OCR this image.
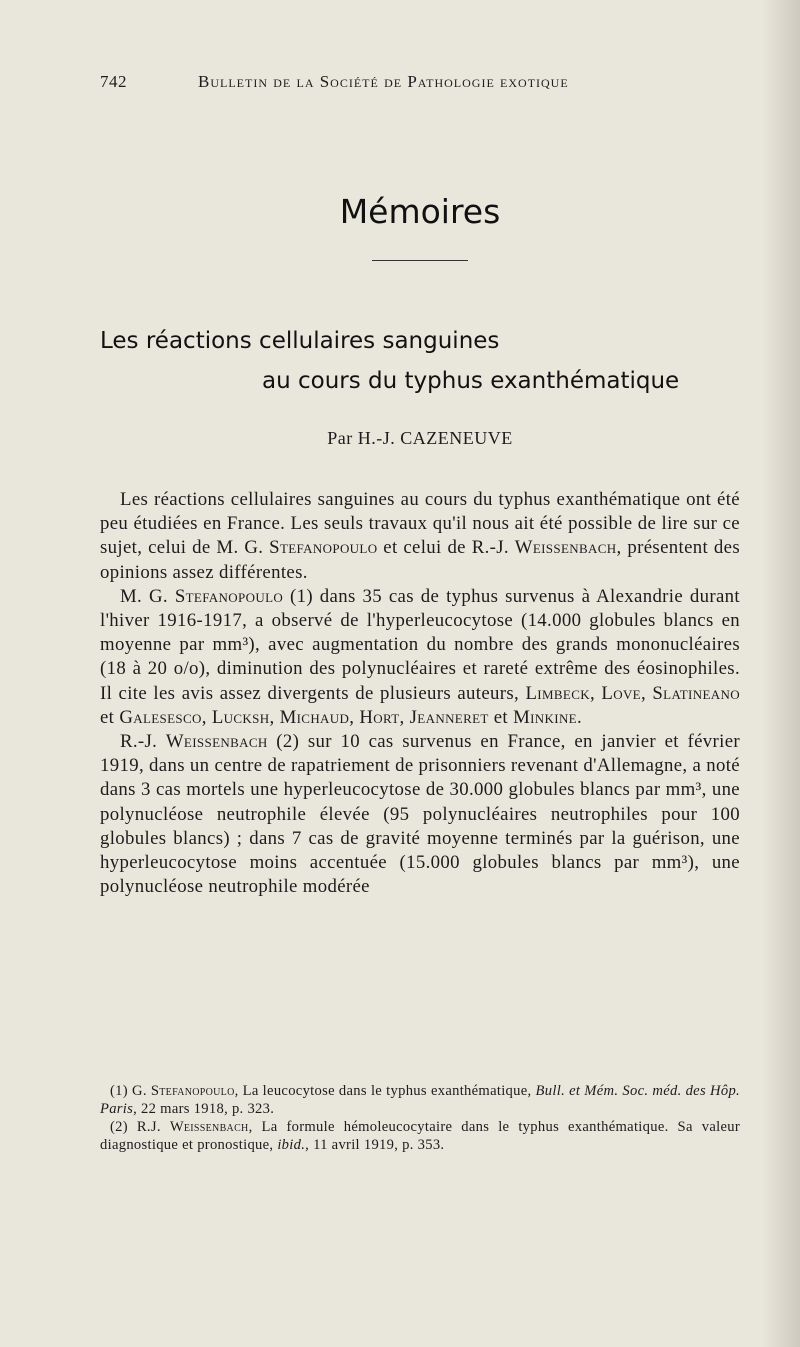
742	Bulletin de la Société de Pathologie exotique
Mémoires
Les réactions cellulaires sanguines
au cours du typhus exanthématique
Par H.-J. CAZENEUVE

Les réactions cellulaires sanguines au cours du typhus exanthématique ont été peu étudiées en France. Les seuls travaux qu'il nous ait été possible de lire sur ce sujet, celui de M. G. Stefanopoulo et celui de R.-J. Weissenbach, présentent des opinions assez différentes.

M. G. Stefanopoulo (1) dans 35 cas de typhus survenus à Alexandrie durant l'hiver 1916-1917, a observé de l'hyperleucocytose (14.000 globules blancs en moyenne par mm³), avec augmentation du nombre des grands mononucléaires (18 à 20 o/o), diminution des polynucléaires et rareté extrême des éosinophiles. Il cite les avis assez divergents de plusieurs auteurs, Limbeck, Love, Slatineano et Galesesco, Lucksh, Michaud, Hort, Jeanneret et Minkine.

R.-J. Weissenbach (2) sur 10 cas survenus en France, en janvier et février 1919, dans un centre de rapatriement de prisonniers revenant d'Allemagne, a noté dans 3 cas mortels une hyperleucocytose de 30.000 globules blancs par mm³, une polynucléose neutrophile élevée (95 polynucléaires neutrophiles pour 100 globules blancs) ; dans 7 cas de gravité moyenne terminés par la guérison, une hyperleucocytose moins accentuée (15.000 globules blancs par mm³), une polynucléose neutrophile modérée

(1) G. Stefanopoulo, La leucocytose dans le typhus exanthématique, Bull. et Mém. Soc. méd. des Hôp. Paris, 22 mars 1918, p. 323.

(2) R.J. Weissenbach, La formule hémoleucocytaire dans le typhus exanthématique. Sa valeur diagnostique et pronostique, ibid., 11 avril 1919, p. 353.
